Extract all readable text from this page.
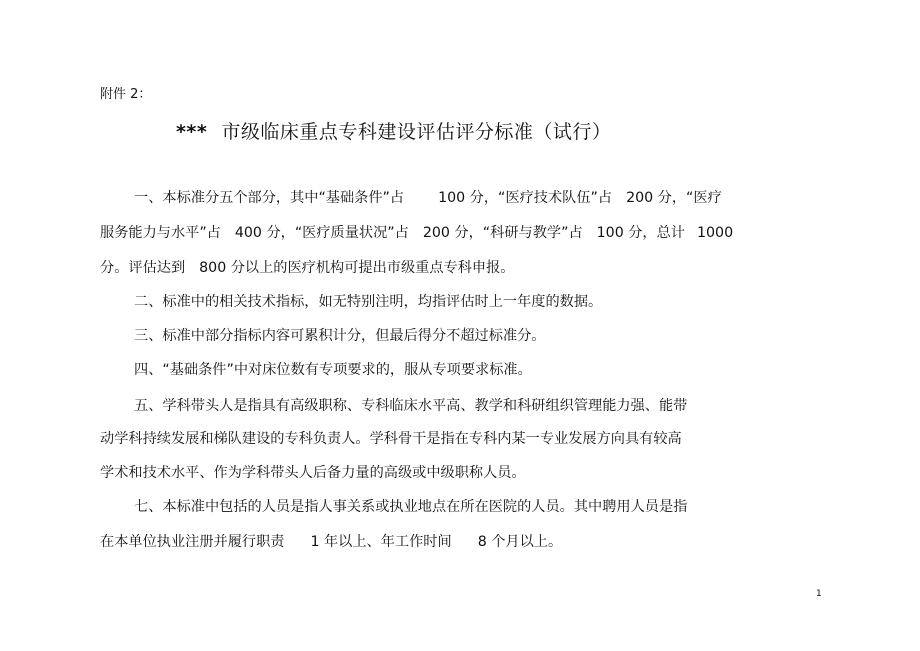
附件 2：
*** 市级临床重点专科建设评估评分标准（试行）
一、本标准分五个部分，其中“基础条件”占 100 分，“医疗技术队伍”占 200 分，“医疗
服务能力与水平”占 400 分，“医疗质量状况”占 200 分，“科研与教学”占 100 分，总计 1000
分。评估达到 800 分以上的医疗机构可提出市级重点专科申报。
二、标准中的相关技术指标，如无特别注明，均指评估时上一年度的数据。
三、标准中部分指标内容可累积计分，但最后得分不超过标准分。
四、“基础条件”中对床位数有专项要求的，服从专项要求标准。
五、学科带头人是指具有高级职称、专科临床水平高、教学和科研组织管理能力强、能带
动学科持续发展和梯队建设的专科负责人。学科骨干是指在专科内某一专业发展方向具有较高
学术和技术水平、作为学科带头人后备力量的高级或中级职称人员。
七、本标准中包括的人员是指人事关系或执业地点在所在医院的人员。其中聘用人员是指
在本单位执业注册并履行职责 1 年以上、年工作时间 8 个月以上。
1
